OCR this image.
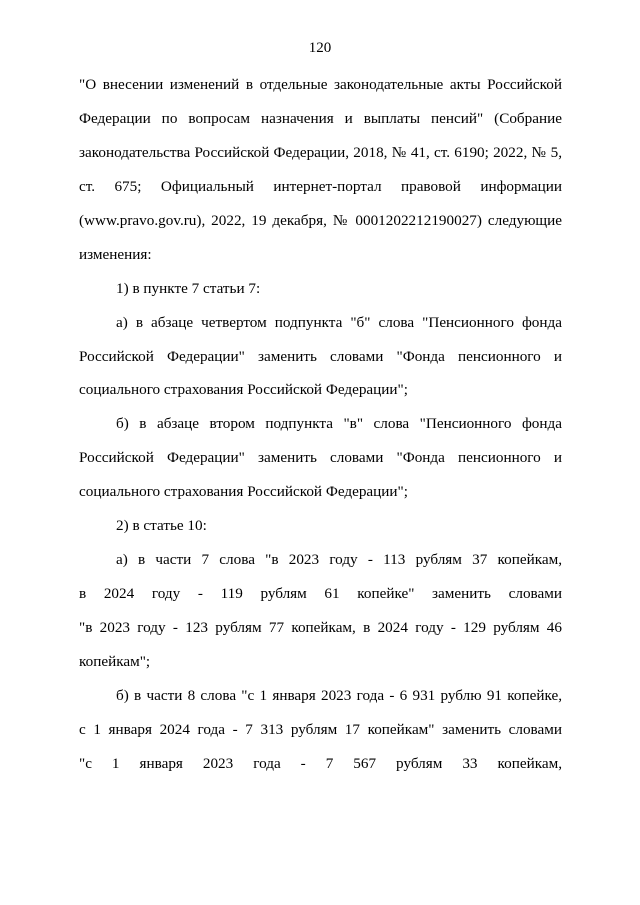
120
"О внесении изменений в отдельные законодательные акты Российской
Федерации по вопросам назначения и выплаты пенсий" (Собрание
законодательства Российской Федерации, 2018, № 41, ст. 6190; 2022, № 5,
ст. 675; Официальный интернет-портал правовой информации
(www.pravo.gov.ru), 2022, 19 декабря, № 0001202212190027) следующие
изменения:
1) в пункте 7 статьи 7:
а) в абзаце четвертом подпункта "б" слова "Пенсионного фонда
Российской Федерации" заменить словами "Фонда пенсионного и
социального страхования Российской Федерации";
б) в абзаце втором подпункта "в" слова "Пенсионного фонда
Российской Федерации" заменить словами "Фонда пенсионного и
социального страхования Российской Федерации";
2) в статье 10:
а) в части 7 слова "в 2023 году - 113 рублям 37 копейкам,
в 2024 году - 119 рублям 61 копейке" заменить словами
"в 2023 году - 123 рублям 77 копейкам, в 2024 году - 129 рублям 46
копейкам";
б) в части 8 слова "с 1 января 2023 года - 6 931 рублю 91 копейке,
с 1 января 2024 года - 7 313 рублям 17 копейкам" заменить словами
"с 1 января 2023 года - 7 567 рублям 33 копейкам,
